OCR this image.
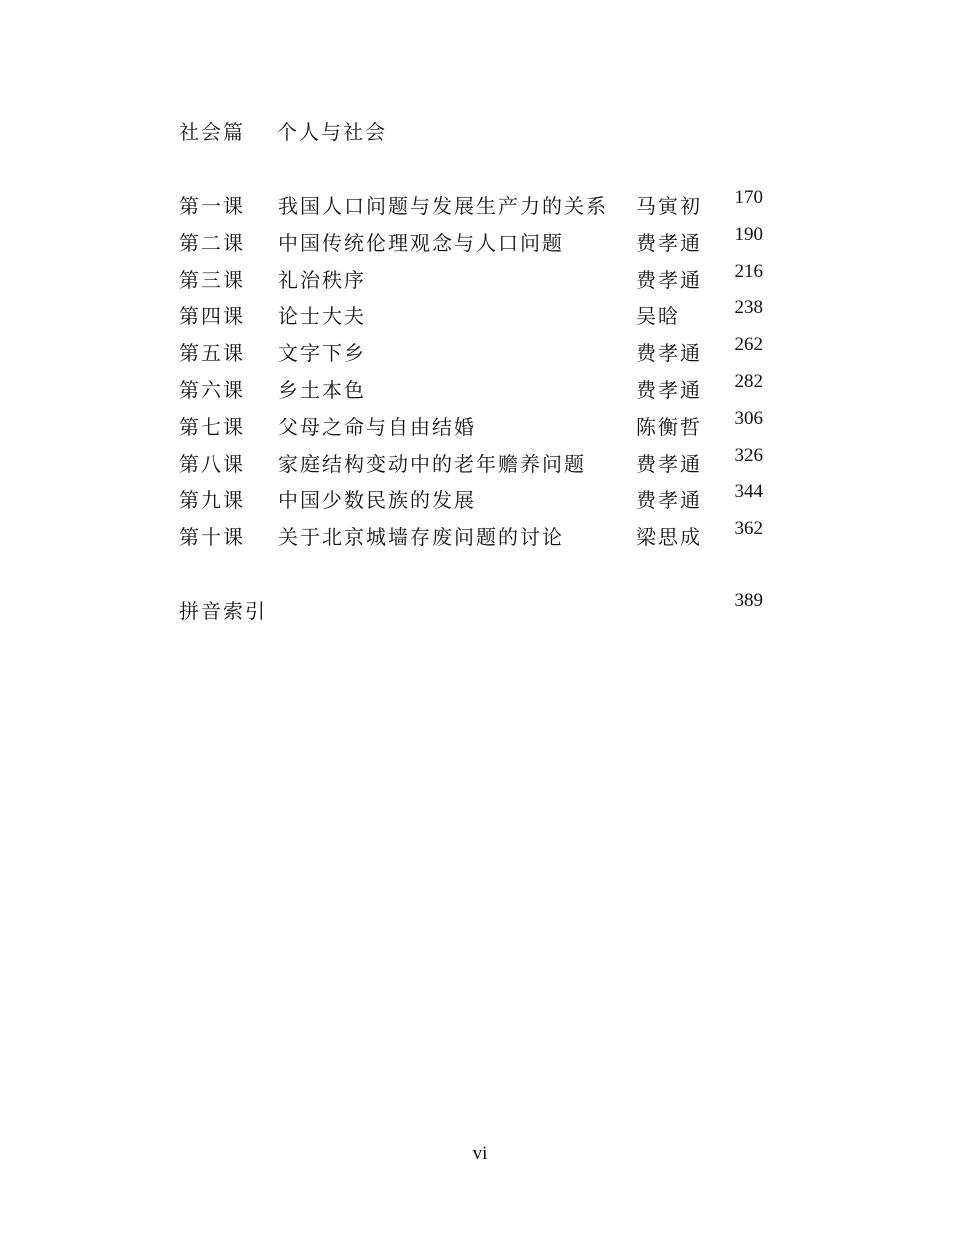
社会篇 个人与社会
第一课 我国人口问题与发展生产力的关系 马寅初 170
第二课 中国传统伦理观念与人口问题	费孝通 190
第三课 礼治秩序	费孝通 216
第四课 论士大夫	吴晗	238
第五课 文字下乡	费孝通 262
第六课 乡土本色	费孝通 282
第七课 父母之命与自由结婚	陈衡哲 306
第八课 家庭结构变动中的老年赡养问题	费孝通 326
第九课 中国少数民族的发展	费孝通 344
第十课 关于北京城墙存废问题的讨论	梁思成 362
拼音索引	389
vi
